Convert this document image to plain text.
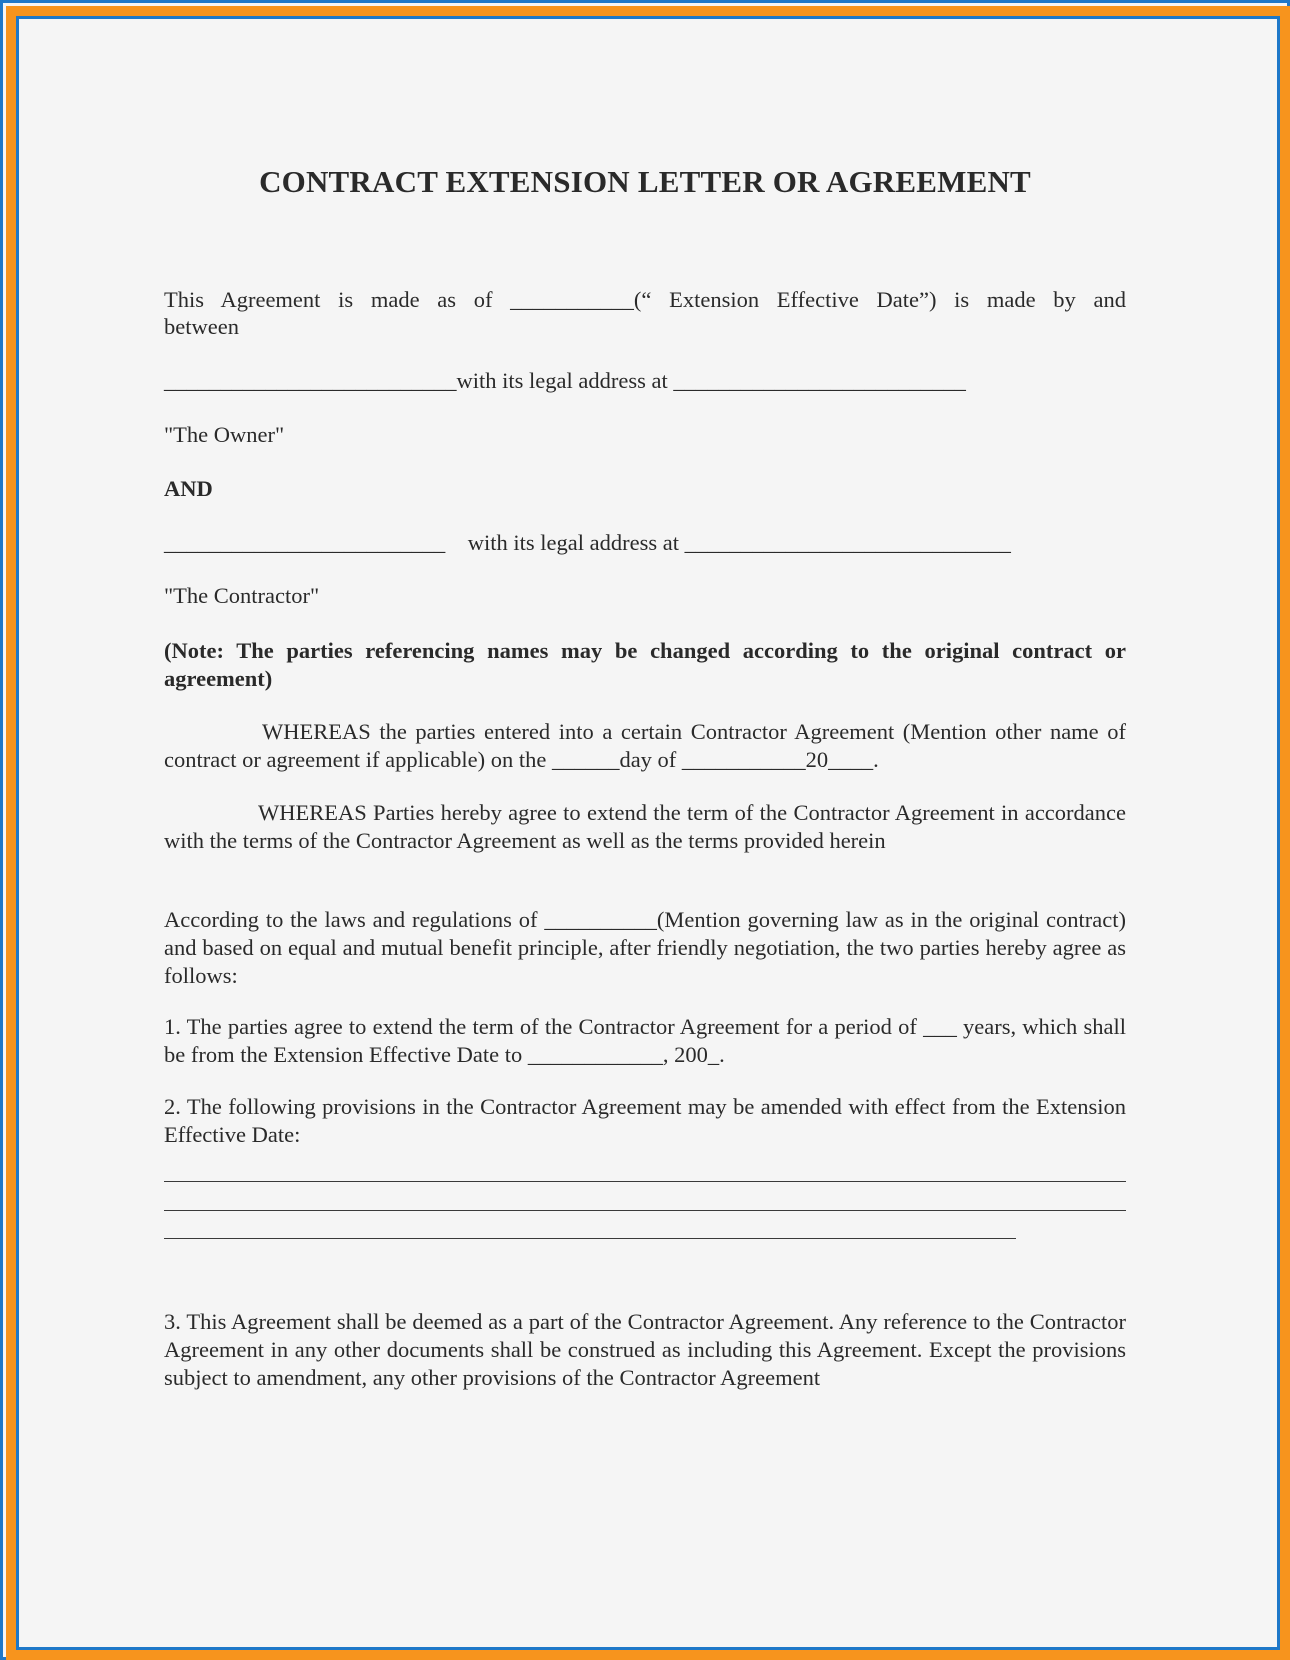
CONTRACT EXTENSION LETTER OR AGREEMENT

This Agreement is made as of ___________(“ Extension Effective Date”) is made by and

between

__________________________with its legal address at __________________________

"The Owner"

AND

_________________________    with its legal address at _____________________________

"The Contractor"

(Note: The parties referencing names may be changed according to the original contract or agreement)

WHEREAS the parties entered into a certain Contractor Agreement (Mention other name of contract or agreement if applicable) on the ______day of ___________20____.

WHEREAS Parties hereby agree to extend the term of the Contractor Agreement in accordance with the terms of the Contractor Agreement as well as the terms provided herein

According to the laws and regulations of __________(Mention governing law as in the original contract) and based on equal and mutual benefit principle, after friendly negotiation, the two parties hereby agree as follows:

1. The parties agree to extend the term of the Contractor Agreement for a period of ___ years, which shall be from the Extension Effective Date to ____________, 200_.

2. The following provisions in the Contractor Agreement may be amended with effect from the Extension Effective Date:

3. This Agreement shall be deemed as a part of the Contractor Agreement. Any reference to the Contractor Agreement in any other documents shall be construed as including this Agreement. Except the provisions subject to amendment, any other provisions of the Contractor Agreement
